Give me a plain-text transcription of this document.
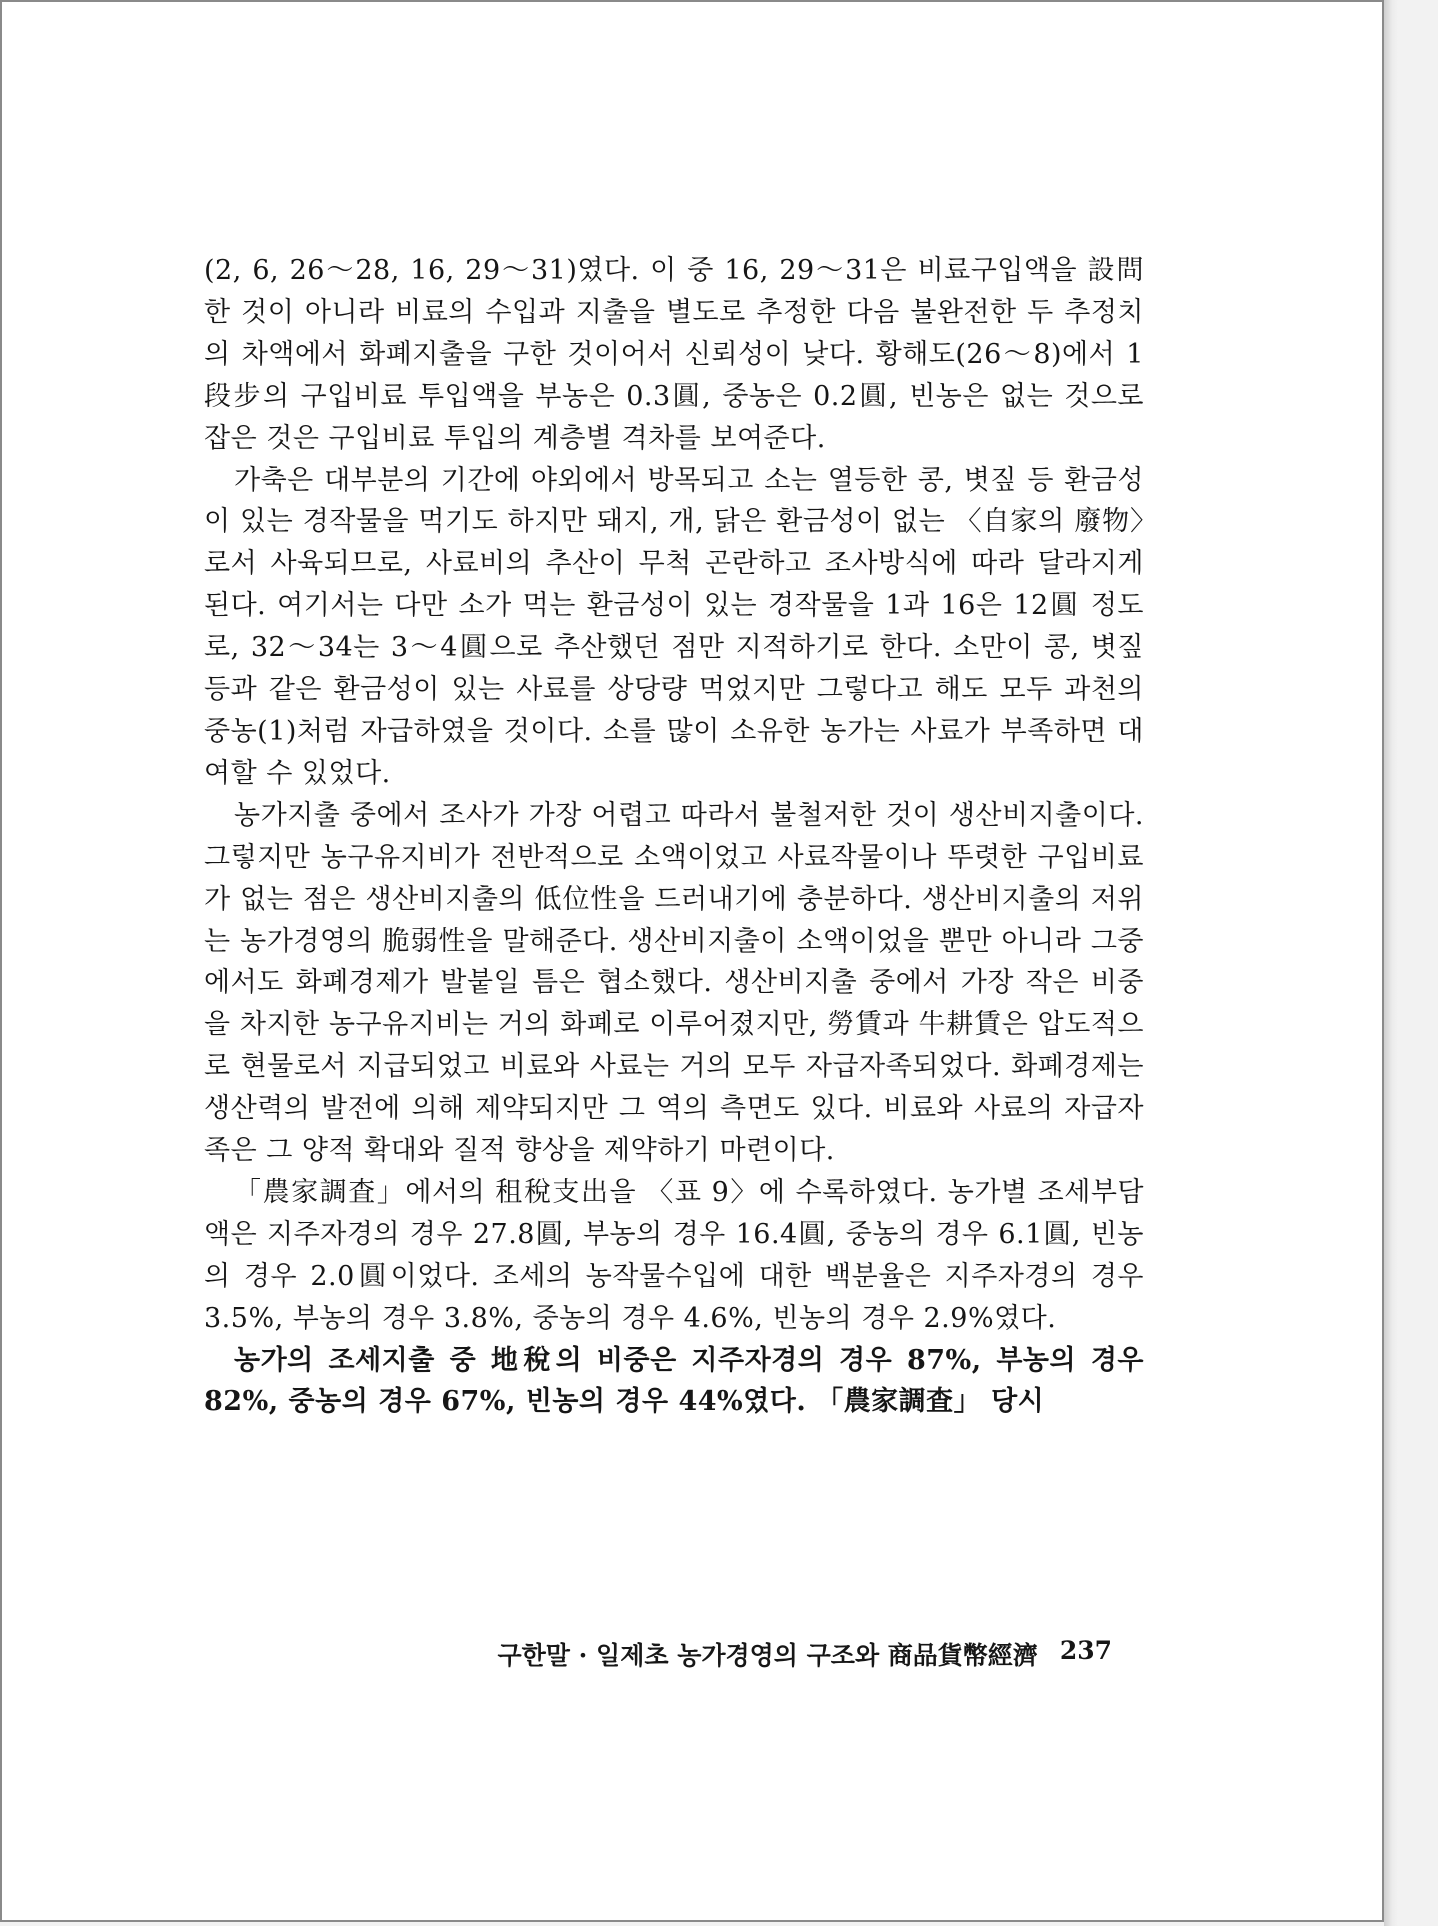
(2, 6, 26～28, 16, 29～31)였다. 이 중 16, 29～31은 비료구입액을 設問한 것이 아니라 비료의 수입과 지출을 별도로 추정한 다음 불완전한 두 추정치의 차액에서 화폐지출을 구한 것이어서 신뢰성이 낮다. 황해도(26～8)에서 1段步의 구입비료 투입액을 부농은 0.3圓, 중농은 0.2圓, 빈농은 없는 것으로 잡은 것은 구입비료 투입의 계층별 격차를 보여준다.

가축은 대부분의 기간에 야외에서 방목되고 소는 열등한 콩, 볏짚 등 환금성이 있는 경작물을 먹기도 하지만 돼지, 개, 닭은 환금성이 없는 〈自家의 廢物〉로서 사육되므로, 사료비의 추산이 무척 곤란하고 조사방식에 따라 달라지게 된다. 여기서는 다만 소가 먹는 환금성이 있는 경작물을 1과 16은 12圓 정도로, 32～34는 3～4圓으로 추산했던 점만 지적하기로 한다. 소만이 콩, 볏짚 등과 같은 환금성이 있는 사료를 상당량 먹었지만 그렇다고 해도 모두 과천의 중농(1)처럼 자급하였을 것이다. 소를 많이 소유한 농가는 사료가 부족하면 대여할 수 있었다.

농가지출 중에서 조사가 가장 어렵고 따라서 불철저한 것이 생산비지출이다. 그렇지만 농구유지비가 전반적으로 소액이었고 사료작물이나 뚜렷한 구입비료가 없는 점은 생산비지출의 低位性을 드러내기에 충분하다. 생산비지출의 저위는 농가경영의 脆弱性을 말해준다. 생산비지출이 소액이었을 뿐만 아니라 그중에서도 화폐경제가 발붙일 틈은 협소했다. 생산비지출 중에서 가장 작은 비중을 차지한 농구유지비는 거의 화폐로 이루어졌지만, 勞賃과 牛耕賃은 압도적으로 현물로서 지급되었고 비료와 사료는 거의 모두 자급자족되었다. 화폐경제는 생산력의 발전에 의해 제약되지만 그 역의 측면도 있다. 비료와 사료의 자급자족은 그 양적 확대와 질적 향상을 제약하기 마련이다.

「農家調査」에서의 租稅支出을 〈표 9〉에 수록하였다. 농가별 조세부담액은 지주자경의 경우 27.8圓, 부농의 경우 16.4圓, 중농의 경우 6.1圓, 빈농의 경우 2.0圓이었다. 조세의 농작물수입에 대한 백분율은 지주자경의 경우 3.5%, 부농의 경우 3.8%, 중농의 경우 4.6%, 빈농의 경우 2.9%였다.

농가의 조세지출 중 地稅의 비중은 지주자경의 경우 87%, 부농의 경우 82%, 중농의 경우 67%, 빈농의 경우 44%였다. 「農家調査」 당시

구한말 · 일제초 농가경영의 구조와 商品貨幣經濟 237
